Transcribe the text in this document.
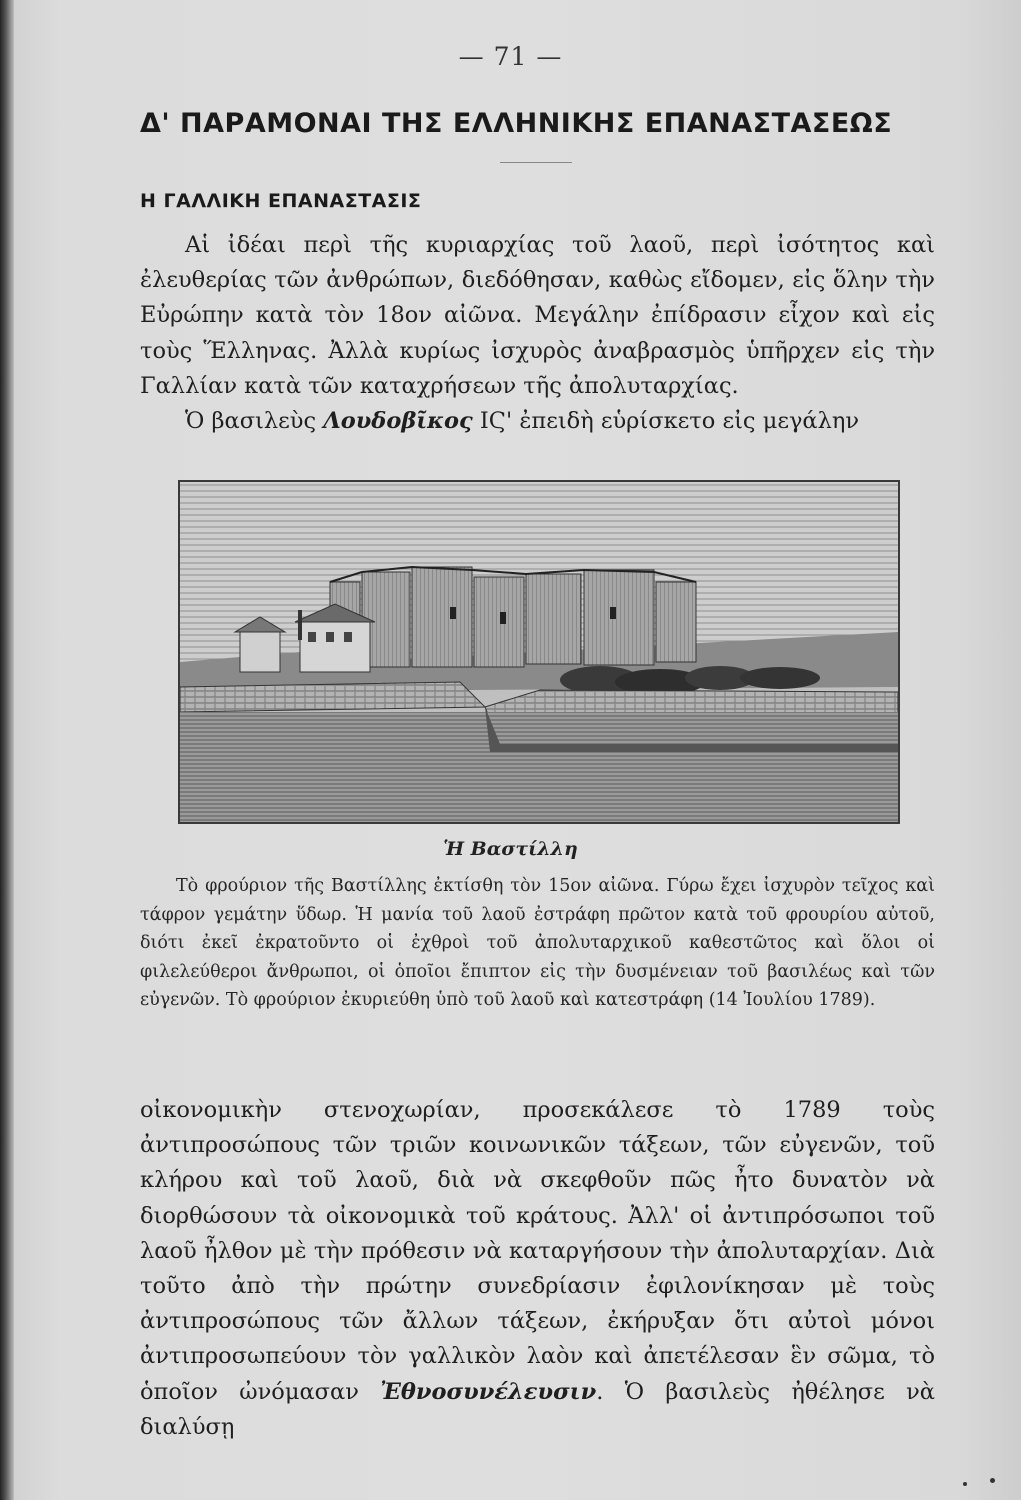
— 71 —
Δ' ΠΑΡΑΜΟΝΑΙ ΤΗΣ ΕΛΛΗΝΙΚΗΣ ΕΠΑΝΑΣΤΑΣΕΩΣ
Η ΓΑΛΛΙΚΗ ΕΠΑΝΑΣΤΑΣΙΣ

Αἱ ἰδέαι περὶ τῆς κυριαρχίας τοῦ λαοῦ, περὶ ἰσότητος καὶ ἐλευθερίας τῶν ἀνθρώπων, διεδόθησαν, καθὼς εἴδομεν, εἰς ὅλην τὴν Εὐρώπην κατὰ τὸν 18ον αἰῶνα. Μεγάλην ἐπίδρασιν εἶχον καὶ εἰς τοὺς Ἕλληνας. Ἀλλὰ κυρίως ἰσχυρὸς ἀναβρασμὸς ὑπῆρχεν εἰς τὴν Γαλλίαν κατὰ τῶν καταχρήσεων τῆς ἀπολυταρχίας.

Ὁ βασιλεὺς Λουδοβῖκος ΙϚ' ἐπειδὴ εὑρίσκετο εἰς μεγάλην

Ἡ Βαστίλλη

Τὸ φρούριον τῆς Βαστίλλης ἐκτίσθη τὸν 15ον αἰῶνα. Γύρω ἔχει ἰσχυρὸν τεῖχος καὶ τάφρον γεμάτην ὕδωρ. Ἡ μανία τοῦ λαοῦ ἐστράφη πρῶτον κατὰ τοῦ φρουρίου αὐτοῦ, διότι ἐκεῖ ἐκρατοῦντο οἱ ἐχθροὶ τοῦ ἀπολυταρχικοῦ καθεστῶτος καὶ ὅλοι οἱ φιλελεύθεροι ἄνθρωποι, οἱ ὁποῖοι ἔπιπτον εἰς τὴν δυσμένειαν τοῦ βασιλέως καὶ τῶν εὐγενῶν. Τὸ φρούριον ἐκυριεύθη ὑπὸ τοῦ λαοῦ καὶ κατεστράφη (14 Ἰουλίου 1789).

οἰκονομικὴν στενοχωρίαν, προσεκάλεσε τὸ 1789 τοὺς ἀντιπροσώπους τῶν τριῶν κοινωνικῶν τάξεων, τῶν εὐγενῶν, τοῦ κλήρου καὶ τοῦ λαοῦ, διὰ νὰ σκεφθοῦν πῶς ἦτο δυνατὸν νὰ διορθώσουν τὰ οἰκονομικὰ τοῦ κράτους. Ἀλλ' οἱ ἀντιπρόσωποι τοῦ λαοῦ ἦλθον μὲ τὴν πρόθεσιν νὰ καταργήσουν τὴν ἀπολυταρχίαν. Διὰ τοῦτο ἀπὸ τὴν πρώτην συνεδρίασιν ἐφιλονίκησαν μὲ τοὺς ἀντιπροσώπους τῶν ἄλλων τάξεων, ἐκήρυξαν ὅτι αὐτοὶ μόνοι ἀντιπροσωπεύουν τὸν γαλλικὸν λαὸν καὶ ἀπετέλεσαν ἓν σῶμα, τὸ ὁποῖον ὠνόμασαν Ἐθνοσυνέλευσιν. Ὁ βασιλεὺς ἠθέλησε νὰ διαλύσῃ
